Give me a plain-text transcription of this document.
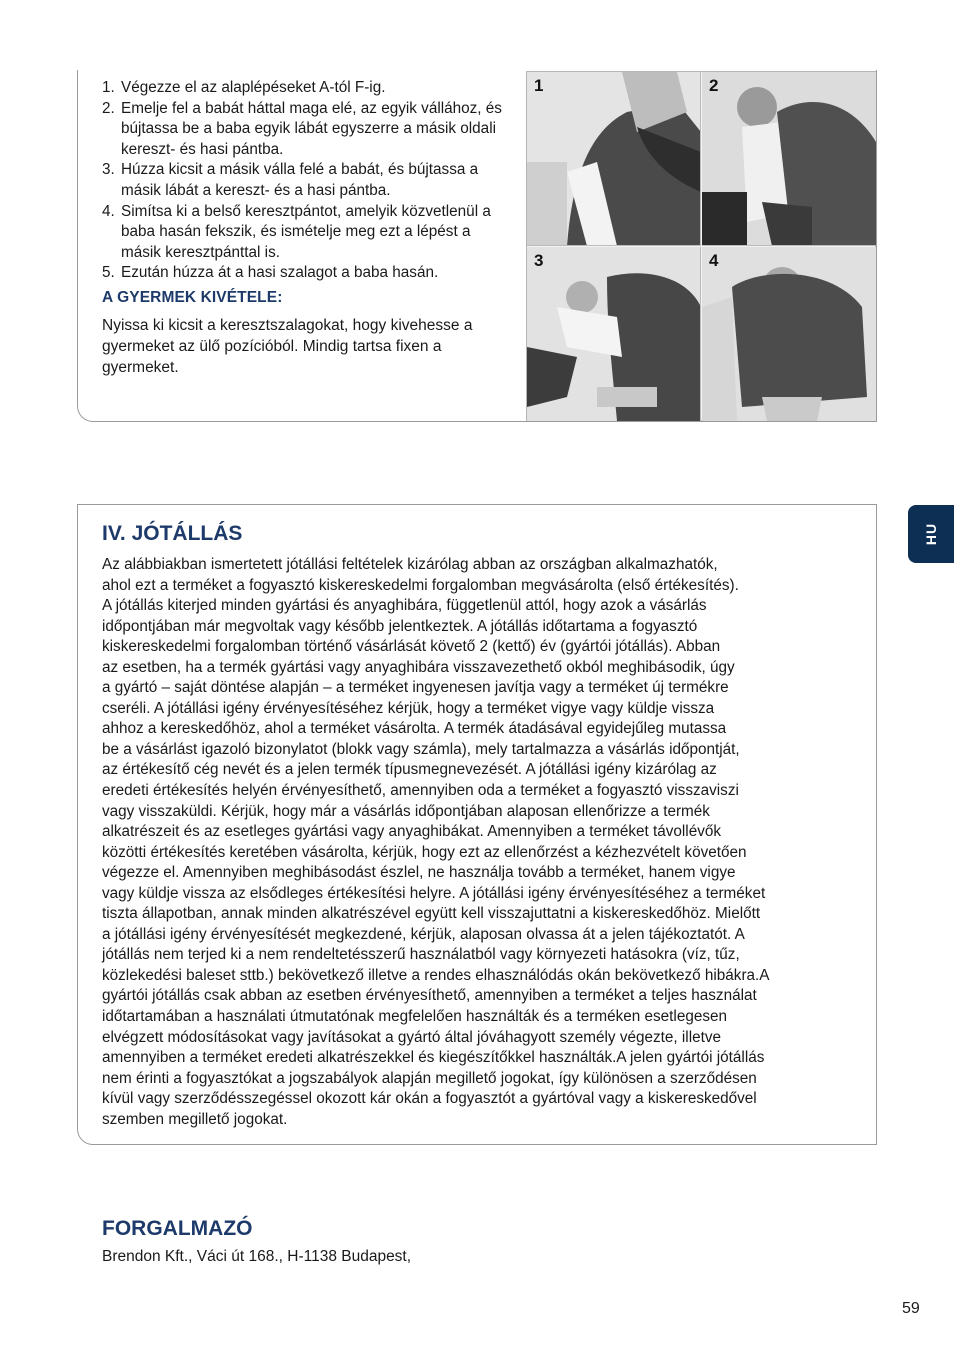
1. Végezze el az alaplépéseket A-tól F-ig.
2. Emelje fel a babát háttal maga elé, az egyik vállához, és bújtassa be a baba egyik lábát egyszerre a másik oldali kereszt- és hasi pántba.
3. Húzza kicsit a másik válla felé a babát, és bújtassa a másik lábát a kereszt- és a hasi pántba.
4. Simítsa ki a belső keresztpántot, amelyik közvetlenül a baba hasán fekszik, és ismételje meg ezt a lépést a másik keresztpánttal is.
5. Ezután húzza át a hasi szalagot a baba hasán.
A GYERMEK KIVÉTELE:
Nyissa ki kicsit a keresztszalagokat, hogy kivehesse a gyermeket az ülő pozícióból. Mindig tartsa fixen a gyermeket.
1	2
3	4
IV. JÓTÁLLÁS
Az alábbiakban ismertetett jótállási feltételek kizárólag abban az országban alkalmazhatók,
ahol ezt a terméket a fogyasztó kiskereskedelmi forgalomban megvásárolta (első értékesítés).
A jótállás kiterjed minden gyártási és anyaghibára, függetlenül attól, hogy azok a vásárlás
időpontjában már megvoltak vagy később jelentkeztek. A jótállás időtartama a fogyasztó
kiskereskedelmi forgalomban történő vásárlását követő 2 (kettő) év (gyártói jótállás). Abban
az esetben, ha a termék gyártási vagy anyaghibára visszavezethető okból meghibásodik, úgy
a gyártó – saját döntése alapján – a terméket ingyenesen javítja vagy a terméket új termékre
cseréli. A jótállási igény érvényesítéséhez kérjük, hogy a terméket vigye vagy küldje vissza
ahhoz a kereskedőhöz, ahol a terméket vásárolta. A termék átadásával egyidejűleg mutassa
be a vásárlást igazoló bizonylatot (blokk vagy számla), mely tartalmazza a vásárlás időpontját,
az értékesítő cég nevét és a jelen termék típusmegnevezését. A jótállási igény kizárólag az
eredeti értékesítés helyén érvényesíthető, amennyiben oda a terméket a fogyasztó visszaviszi
vagy visszaküldi. Kérjük, hogy már a vásárlás időpontjában alaposan ellenőrizze a termék
alkatrészeit és az esetleges gyártási vagy anyaghibákat. Amennyiben a terméket távollévők
közötti értékesítés keretében vásárolta, kérjük, hogy ezt az ellenőrzést a kézhezvételt követően
végezze el. Amennyiben meghibásodást észlel, ne használja tovább a terméket, hanem vigye
vagy küldje vissza az elsődleges értékesítési helyre. A jótállási igény érvényesítéséhez a terméket
tiszta állapotban, annak minden alkatrészével együtt kell visszajuttatni a kiskereskedőhöz. Mielőtt
a jótállási igény érvényesítését megkezdené, kérjük, alaposan olvassa át a jelen tájékoztatót. A
jótállás nem terjed ki a nem rendeltetésszerű használatból vagy környezeti hatásokra (víz, tűz,
közlekedési baleset sttb.) bekövetkező illetve a rendes elhasználódás okán bekövetkező hibákra.A
gyártói jótállás csak abban az esetben érvényesíthető, amennyiben a terméket a teljes használat
időtartamában a használati útmutatónak megfelelően használták és a terméken esetlegesen
elvégzett módosításokat vagy javításokat a gyártó által jóváhagyott személy végezte, illetve
amennyiben a terméket eredeti alkatrészekkel és kiegészítőkkel használták.A jelen gyártói jótállás
nem érinti a fogyasztókat a jogszabályok alapján megillető jogokat, így különösen a szerződésen
kívül vagy szerződésszegéssel okozott kár okán a fogyasztót a gyártóval vagy a kiskereskedővel
szemben megillető jogokat.
FORGALMAZÓ
Brendon Kft., Váci út 168., H-1138 Budapest,
HU
59
